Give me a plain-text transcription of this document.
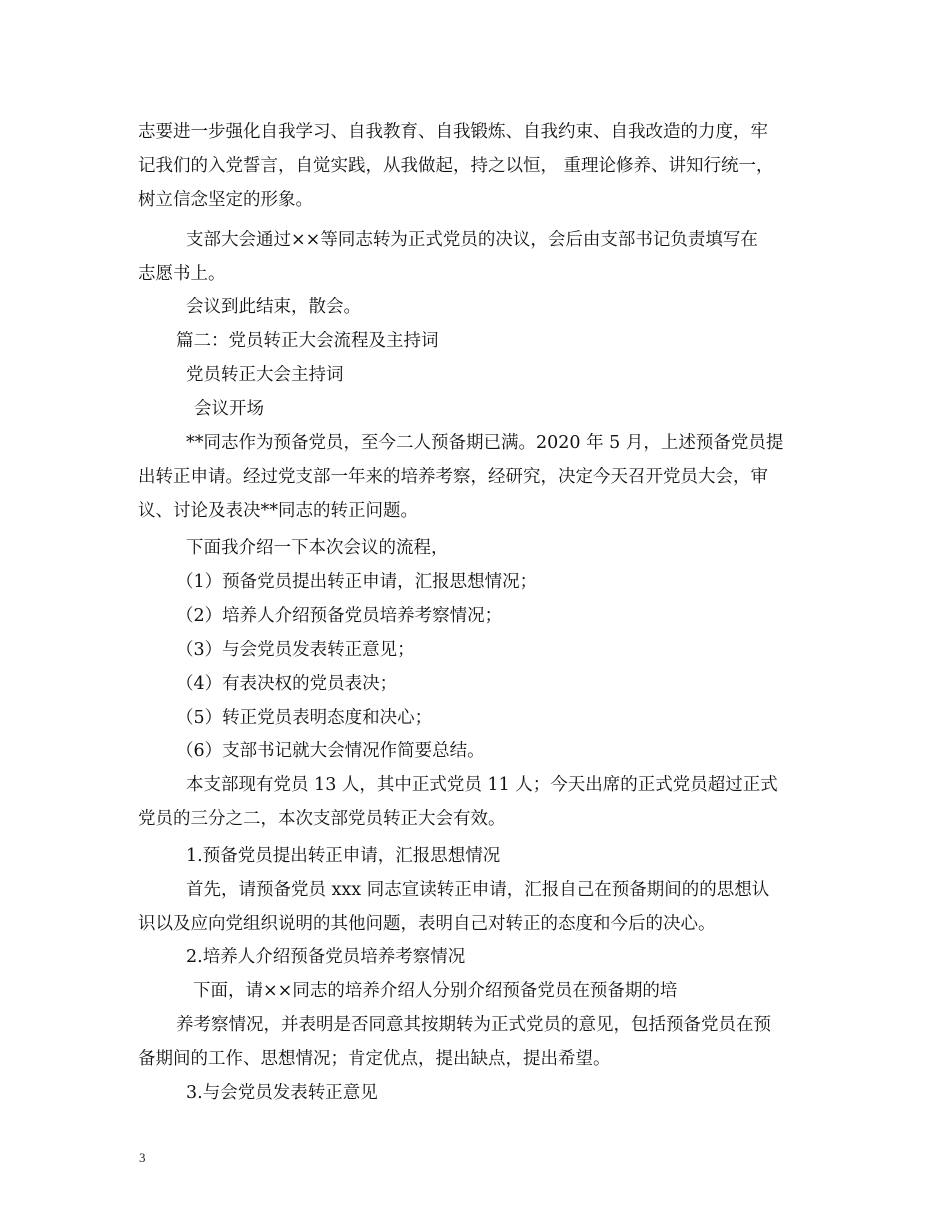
志要进一步强化自我学习、自我教育、自我锻炼、自我约束、自我改造的力度，牢
记我们的入党誓言，自觉实践，从我做起，持之以恒， 重理论修养、讲知行统一，
树立信念坚定的形象。
支部大会通过××等同志转为正式党员的决议，会后由支部书记负责填写在
志愿书上。
会议到此结束，散会。
篇二：党员转正大会流程及主持词
党员转正大会主持词
会议开场
**同志作为预备党员，至今二人预备期已满。2020 年 5 月，上述预备党员提
出转正申请。经过党支部一年来的培养考察，经研究，决定今天召开党员大会，审
议、讨论及表决**同志的转正问题。
下面我介绍一下本次会议的流程，
（1）预备党员提出转正申请，汇报思想情况；
（2）培养人介绍预备党员培养考察情况；
（3）与会党员发表转正意见；
（4）有表决权的党员表决；
（5）转正党员表明态度和决心；
（6）支部书记就大会情况作简要总结。
本支部现有党员 13 人，其中正式党员 11 人；今天出席的正式党员超过正式
党员的三分之二，本次支部党员转正大会有效。
1.预备党员提出转正申请，汇报思想情况
首先，请预备党员 xxx 同志宣读转正申请，汇报自己在预备期间的的思想认
识以及应向党组织说明的其他问题，表明自己对转正的态度和今后的决心。
2.培养人介绍预备党员培养考察情况
下面，请××同志的培养介绍人分别介绍预备党员在预备期的培
养考察情况，并表明是否同意其按期转为正式党员的意见，包括预备党员在预
备期间的工作、思想情况；肯定优点，提出缺点，提出希望。
3.与会党员发表转正意见
3
